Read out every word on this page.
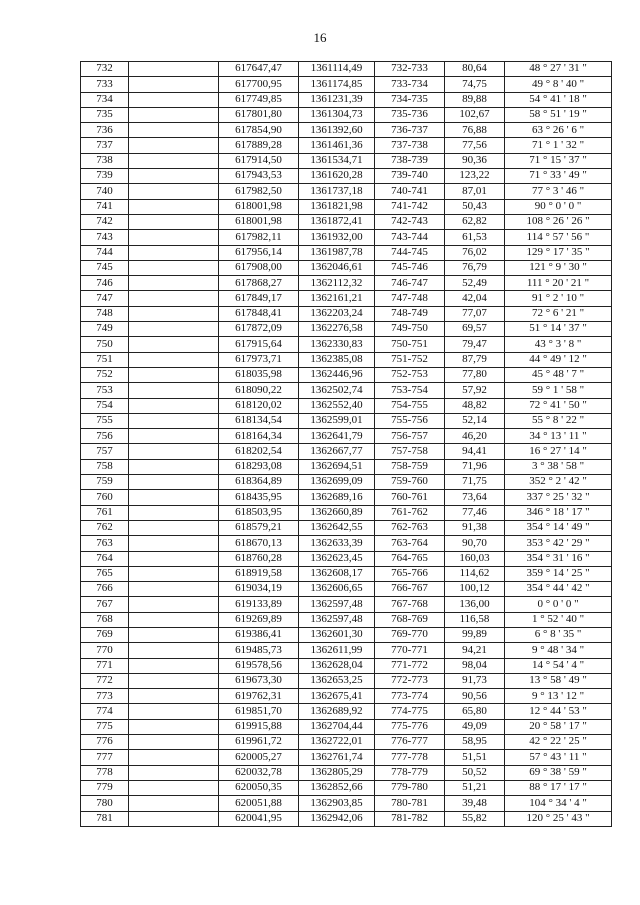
16
732		617647,47	1361114,49	732-733	80,64	48 ° 27 ' 31 "
733		617700,95	1361174,85	733-734	74,75	49 ° 8 ' 40 "
734		617749,85	1361231,39	734-735	89,88	54 ° 41 ' 18 "
735		617801,80	1361304,73	735-736	102,67	58 ° 51 ' 19 "
736		617854,90	1361392,60	736-737	76,88	63 ° 26 ' 6 "
737		617889,28	1361461,36	737-738	77,56	71 ° 1 ' 32 "
738		617914,50	1361534,71	738-739	90,36	71 ° 15 ' 37 "
739		617943,53	1361620,28	739-740	123,22	71 ° 33 ' 49 "
740		617982,50	1361737,18	740-741	87,01	77 ° 3 ' 46 "
741		618001,98	1361821,98	741-742	50,43	90 ° 0 ' 0 "
742		618001,98	1361872,41	742-743	62,82	108 ° 26 ' 26 "
743		617982,11	1361932,00	743-744	61,53	114 ° 57 ' 56 "
744		617956,14	1361987,78	744-745	76,02	129 ° 17 ' 35 "
745		617908,00	1362046,61	745-746	76,79	121 ° 9 ' 30 "
746		617868,27	1362112,32	746-747	52,49	111 ° 20 ' 21 "
747		617849,17	1362161,21	747-748	42,04	91 ° 2 ' 10 "
748		617848,41	1362203,24	748-749	77,07	72 ° 6 ' 21 "
749		617872,09	1362276,58	749-750	69,57	51 ° 14 ' 37 "
750		617915,64	1362330,83	750-751	79,47	43 ° 3 ' 8 "
751		617973,71	1362385,08	751-752	87,79	44 ° 49 ' 12 "
752		618035,98	1362446,96	752-753	77,80	45 ° 48 ' 7 "
753		618090,22	1362502,74	753-754	57,92	59 ° 1 ' 58 "
754		618120,02	1362552,40	754-755	48,82	72 ° 41 ' 50 "
755		618134,54	1362599,01	755-756	52,14	55 ° 8 ' 22 "
756		618164,34	1362641,79	756-757	46,20	34 ° 13 ' 11 "
757		618202,54	1362667,77	757-758	94,41	16 ° 27 ' 14 "
758		618293,08	1362694,51	758-759	71,96	3 ° 38 ' 58 "
759		618364,89	1362699,09	759-760	71,75	352 ° 2 ' 42 "
760		618435,95	1362689,16	760-761	73,64	337 ° 25 ' 32 "
761		618503,95	1362660,89	761-762	77,46	346 ° 18 ' 17 "
762		618579,21	1362642,55	762-763	91,38	354 ° 14 ' 49 "
763		618670,13	1362633,39	763-764	90,70	353 ° 42 ' 29 "
764		618760,28	1362623,45	764-765	160,03	354 ° 31 ' 16 "
765		618919,58	1362608,17	765-766	114,62	359 ° 14 ' 25 "
766		619034,19	1362606,65	766-767	100,12	354 ° 44 ' 42 "
767		619133,89	1362597,48	767-768	136,00	0 ° 0 ' 0 "
768		619269,89	1362597,48	768-769	116,58	1 ° 52 ' 40 "
769		619386,41	1362601,30	769-770	99,89	6 ° 8 ' 35 "
770		619485,73	1362611,99	770-771	94,21	9 ° 48 ' 34 "
771		619578,56	1362628,04	771-772	98,04	14 ° 54 ' 4 "
772		619673,30	1362653,25	772-773	91,73	13 ° 58 ' 49 "
773		619762,31	1362675,41	773-774	90,56	9 ° 13 ' 12 "
774		619851,70	1362689,92	774-775	65,80	12 ° 44 ' 53 "
775		619915,88	1362704,44	775-776	49,09	20 ° 58 ' 17 "
776		619961,72	1362722,01	776-777	58,95	42 ° 22 ' 25 "
777		620005,27	1362761,74	777-778	51,51	57 ° 43 ' 11 "
778		620032,78	1362805,29	778-779	50,52	69 ° 38 ' 59 "
779		620050,35	1362852,66	779-780	51,21	88 ° 17 ' 17 "
780		620051,88	1362903,85	780-781	39,48	104 ° 34 ' 4 "
781		620041,95	1362942,06	781-782	55,82	120 ° 25 ' 43 "
